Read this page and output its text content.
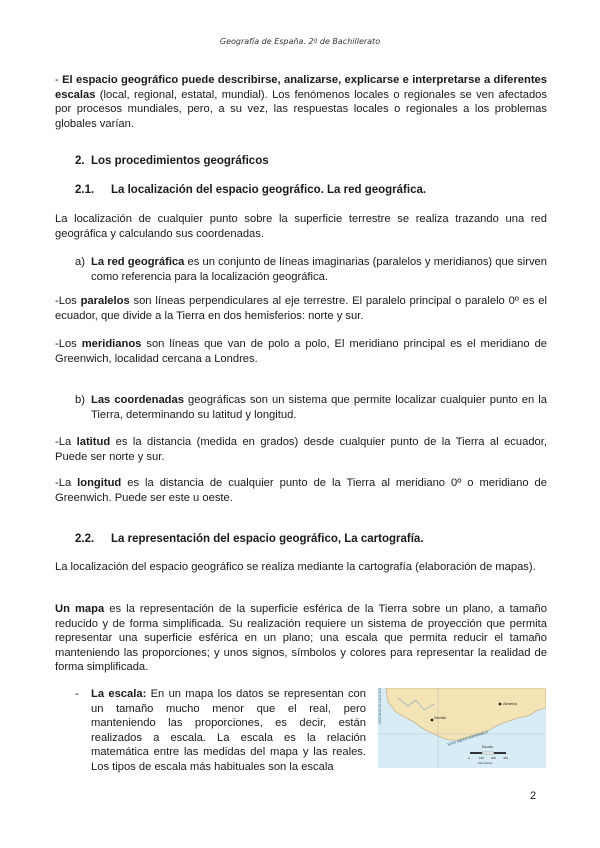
Geografía de España. 2º de Bachillerato
- El espacio geográfico puede describirse, analizarse, explicarse e interpretarse a diferentes escalas (local, regional, estatal, mundial). Los fenómenos locales o regionales se ven afectados por procesos mundiales, pero, a su vez, las respuestas locales o regionales a los problemas globales varían.
2. Los procedimientos geográficos
2.1. La localización del espacio geográfico. La red geográfica.
La localización de cualquier punto sobre la superficie terrestre se realiza trazando una red geográfica y calculando sus coordenadas.
a) La red geográfica es un conjunto de líneas imaginarias (paralelos y meridianos) que sirven como referencia para la localización geográfica.
-Los paralelos son líneas perpendiculares al eje terrestre. El paralelo principal o paralelo 0º es el ecuador, que divide a la Tierra en dos hemisferios: norte y sur.
-Los meridianos son líneas que van de polo a polo, El meridiano principal es el meridiano de Greenwich, localidad cercana a Londres.
b) Las coordenadas geográficas son un sistema que permite localizar cualquier punto en la Tierra, determinando su latitud y longitud.
-La latitud es la distancia (medida en grados) desde cualquier punto de la Tierra al ecuador, Puede ser norte y sur.
-La longitud es la distancia de cualquier punto de la Tierra al meridiano 0º o meridiano de Greenwich. Puede ser este u oeste.
2.2. La representación del espacio geográfico, La cartografía.
La localización del espacio geográfico se realiza mediante la cartografía (elaboración de mapas).
Un mapa es la representación de la superficie esférica de la Tierra sobre un plano, a tamaño reducido y de forma simplificada. Su realización requiere un sistema de proyección que permita representar una superficie esférica en un plano; una escala que permita reducir el tamaño manteniendo las proporciones; y unos signos, símbolos y colores para representar la realidad de forma simplificada.
- La escala: En un mapa los datos se representan con un tamaño mucho menor que el real, pero manteniendo las proporciones, es decir, están realizados a escala. La escala es la relación matemática entre las medidas del mapa y las reales. Los tipos de escala más habituales son la escala
OCÉANO ATLÁNTICO	Sevilla
Almería
MAR MEDITERRÁNEO
Escala
0	150 300 450
Kilómetros
2
